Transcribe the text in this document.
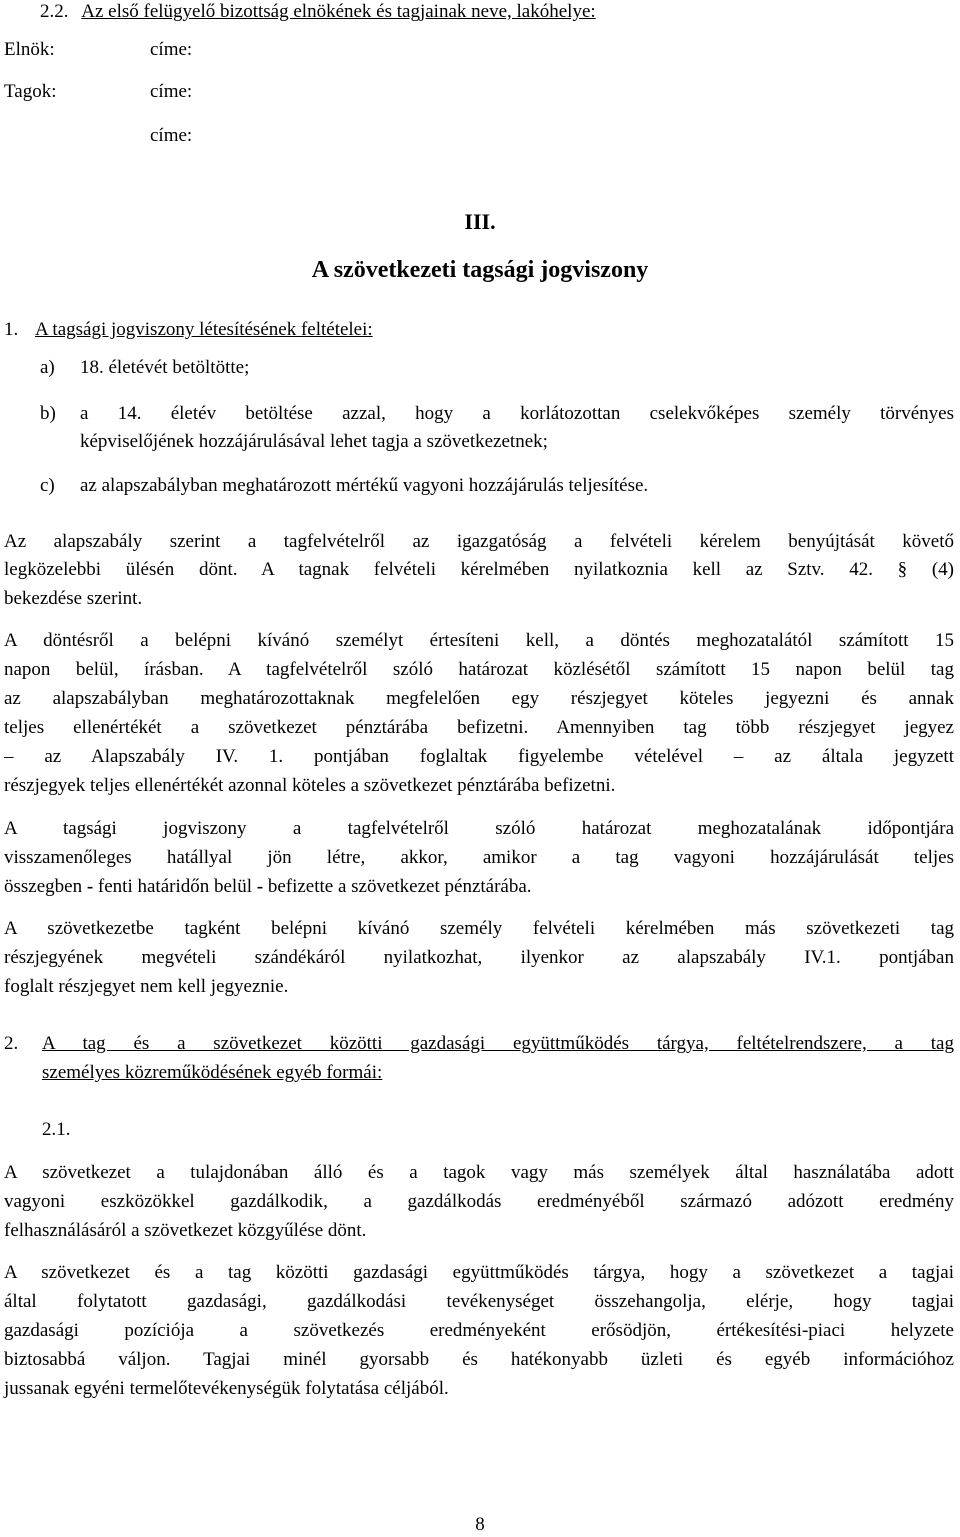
2.2. Az első felügyelő bizottság elnökének és tagjainak neve, lakóhelye:
Elnök:	címe:
Tagok:	címe:
címe:
III.
A szövetkezeti tagsági jogviszony
1. A tagsági jogviszony létesítésének feltételei:
a) 18. életévét betöltötte;
b) a 14. életév betöltése azzal, hogy a korlátozottan cselekvőképes személy törvényes
képviselőjének hozzájárulásával lehet tagja a szövetkezetnek;
c) az alapszabályban meghatározott mértékű vagyoni hozzájárulás teljesítése.
Az alapszabály szerint a tagfelvételről az igazgatóság a felvételi kérelem benyújtását követő
legközelebbi ülésén dönt. A tagnak felvételi kérelmében nyilatkoznia kell az Sztv. 42. § (4)
bekezdése szerint.
A döntésről a belépni kívánó személyt értesíteni kell, a döntés meghozatalától számított 15
napon belül, írásban. A tagfelvételről szóló határozat közlésétől számított 15 napon belül tag
az alapszabályban meghatározottaknak megfelelően egy részjegyet köteles jegyezni és annak
teljes ellenértékét a szövetkezet pénztárába befizetni. Amennyiben tag több részjegyet jegyez
– az Alapszabály IV. 1. pontjában foglaltak figyelembe vételével – az általa jegyzett
részjegyek teljes ellenértékét azonnal köteles a szövetkezet pénztárába befizetni.
A tagsági jogviszony a tagfelvételről szóló határozat meghozatalának időpontjára
visszamenőleges hatállyal jön létre, akkor, amikor a tag vagyoni hozzájárulását teljes
összegben - fenti határidőn belül - befizette a szövetkezet pénztárába.
A szövetkezetbe tagként belépni kívánó személy felvételi kérelmében más szövetkezeti tag
részjegyének megvételi szándékáról nyilatkozhat, ilyenkor az alapszabály IV.1. pontjában
foglalt részjegyet nem kell jegyeznie.
2. A tag és a szövetkezet közötti gazdasági együttműködés tárgya, feltételrendszere, a tag
személyes közreműködésének egyéb formái:
2.1.
A szövetkezet a tulajdonában álló és a tagok vagy más személyek által használatába adott
vagyoni eszközökkel gazdálkodik, a gazdálkodás eredményéből származó adózott eredmény
felhasználásáról a szövetkezet közgyűlése dönt.
A szövetkezet és a tag közötti gazdasági együttműködés tárgya, hogy a szövetkezet a tagjai
által folytatott gazdasági, gazdálkodási tevékenységet összehangolja, elérje, hogy tagjai
gazdasági pozíciója a szövetkezés eredményeként erősödjön, értékesítési-piaci helyzete
biztosabbá váljon. Tagjai minél gyorsabb és hatékonyabb üzleti és egyéb információhoz
jussanak egyéni termelőtevékenységük folytatása céljából.
8
